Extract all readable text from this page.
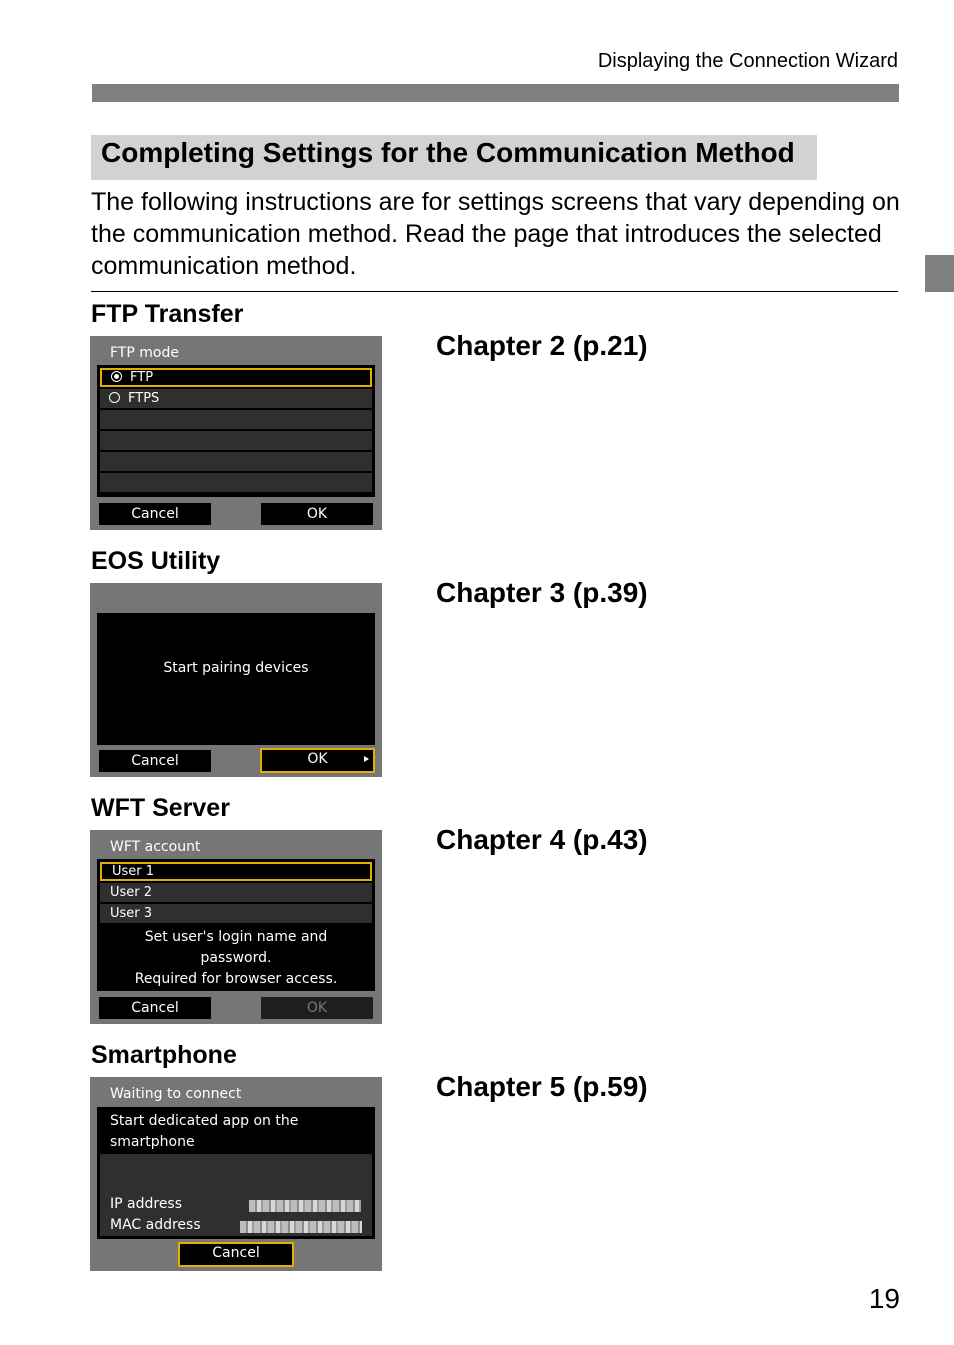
Displaying the Connection Wizard
Completing Settings for the Communication Method
The following instructions are for settings screens that vary depending on the communication method. Read the page that introduces the selected communication method.
FTP Transfer
Chapter 2 (p.21)
FTP mode
FTP
FTPS
Cancel	OK
EOS Utility
Chapter 3 (p.39)
Start pairing devices
Cancel	OK
WFT Server
Chapter 4 (p.43)
WFT account
User 1
User 2
User 3
Set user's login name and
password.
Required for browser access.
Cancel	OK
Smartphone
Chapter 5 (p.59)
Waiting to connect
Start dedicated app on the
smartphone
IP address
MAC address
Cancel
19
